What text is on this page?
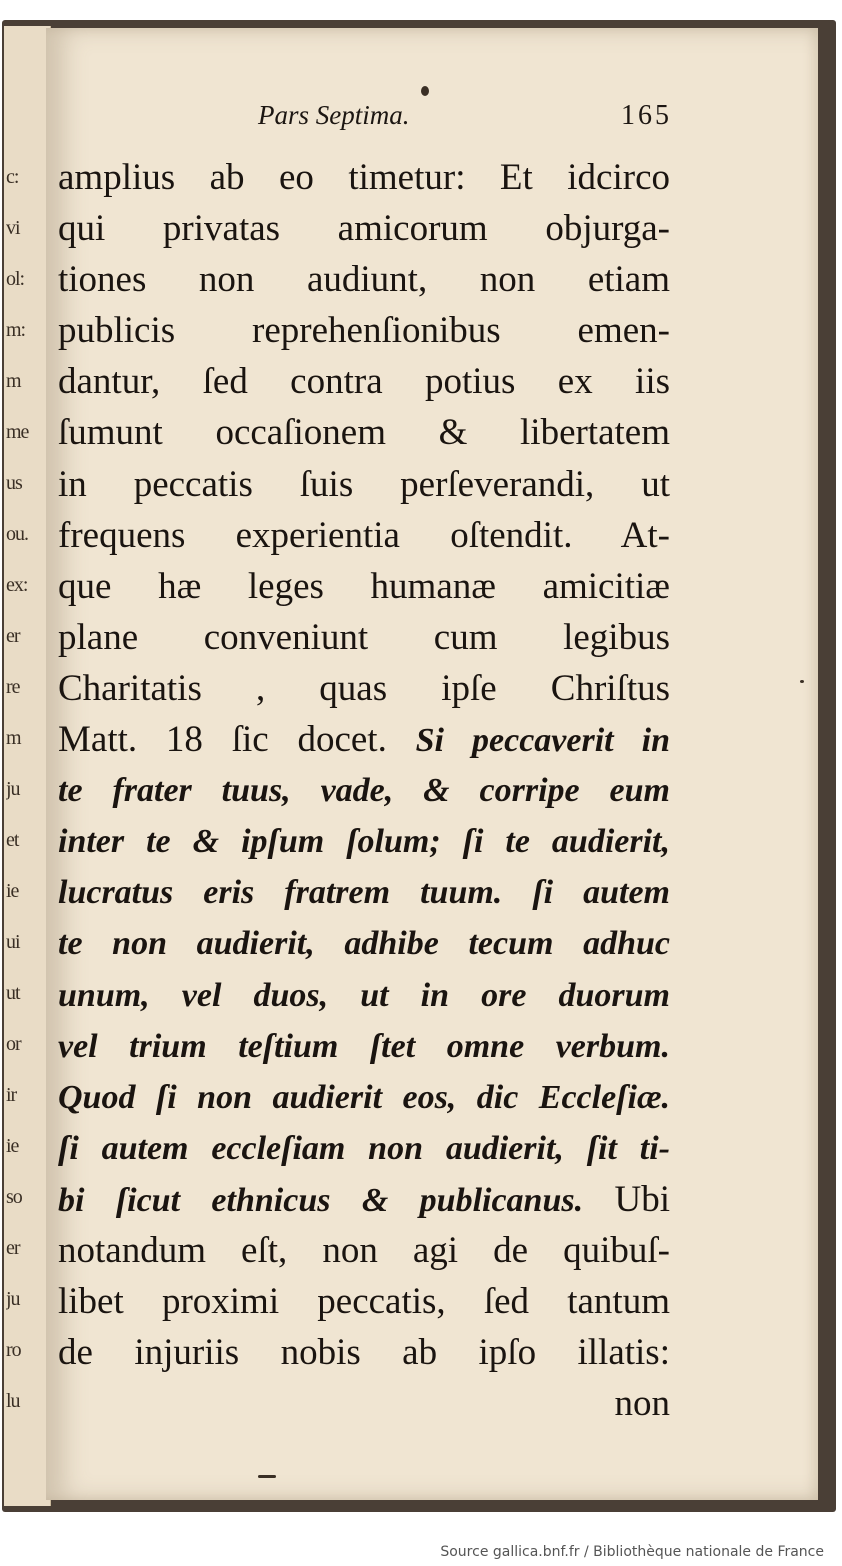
c:
vi
ol:
m:
m
me
us
ou.
ex:
er
re
m
ju
et
ie
ui
ut
or
ir
ie
so
er
ju
ro
lu
Pars Septima.	165
amplius ab eo timetur: Et idcirco
qui privatas amicorum objurga-
tiones non audiunt, non etiam
publicis reprehenſionibus emen-
dantur, ſed contra potius ex iis
ſumunt occaſionem & libertatem
in peccatis ſuis perſeverandi, ut
frequens experientia oſtendit. At-
que hæ leges humanæ amicitiæ
plane conveniunt cum legibus
Charitatis , quas ipſe Chriſtus
Matt. 18 ſic docet. Si peccaverit in
te frater tuus, vade, & corripe eum
inter te & ipſum ſolum; ſi te audierit,
lucratus eris fratrem tuum. ſi autem
te non audierit, adhibe tecum adhuc
unum, vel duos, ut in ore duorum
vel trium teſtium ſtet omne verbum.
Quod ſi non audierit eos, dic Eccleſiæ.
ſi autem eccleſiam non audierit, ſit ti-
bi ſicut ethnicus & publicanus. Ubi
notandum eſt, non agi de quibuſ-
libet proximi peccatis, ſed tantum
de injuriis nobis ab ipſo illatis:
non
Source gallica.bnf.fr / Bibliothèque nationale de France
